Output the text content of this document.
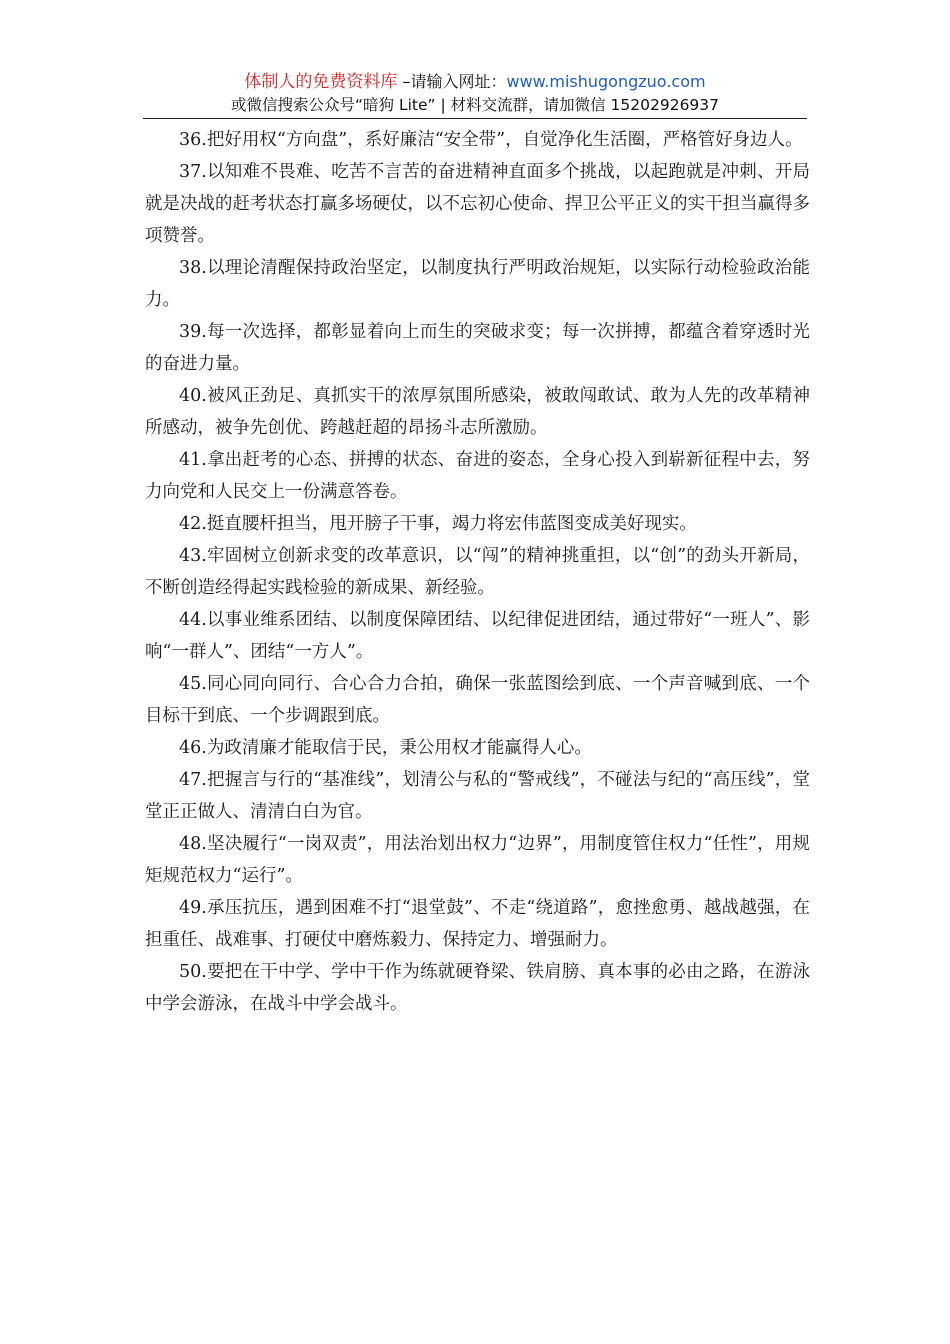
体制人的免费资料库 –请输入网址：www.mishugongzuo.com
或微信搜索公众号“暗狗 Lite” | 材料交流群，请加微信 15202926937

36.把好用权“方向盘”，系好廉洁“安全带”，自觉净化生活圈，严格管好身边人。

37.以知难不畏难、吃苦不言苦的奋进精神直面多个挑战，以起跑就是冲刺、开局就是决战的赶考状态打赢多场硬仗，以不忘初心使命、捍卫公平正义的实干担当赢得多项赞誉。

38.以理论清醒保持政治坚定，以制度执行严明政治规矩，以实际行动检验政治能力。

39.每一次选择，都彰显着向上而生的突破求变；每一次拼搏，都蕴含着穿透时光的奋进力量。

40.被风正劲足、真抓实干的浓厚氛围所感染，被敢闯敢试、敢为人先的改革精神所感动，被争先创优、跨越赶超的昂扬斗志所激励。

41.拿出赶考的心态、拼搏的状态、奋进的姿态，全身心投入到崭新征程中去，努力向党和人民交上一份满意答卷。

42.挺直腰杆担当，甩开膀子干事，竭力将宏伟蓝图变成美好现实。

43.牢固树立创新求变的改革意识，以“闯”的精神挑重担，以“创”的劲头开新局，不断创造经得起实践检验的新成果、新经验。

44.以事业维系团结、以制度保障团结、以纪律促进团结，通过带好“一班人”、影响“一群人”、团结“一方人”。

45.同心同向同行、合心合力合拍，确保一张蓝图绘到底、一个声音喊到底、一个目标干到底、一个步调跟到底。

46.为政清廉才能取信于民，秉公用权才能赢得人心。

47.把握言与行的“基准线”，划清公与私的“警戒线”，不碰法与纪的“高压线”，堂堂正正做人、清清白白为官。

48.坚决履行“一岗双责”，用法治划出权力“边界”，用制度管住权力“任性”，用规矩规范权力“运行”。

49.承压抗压，遇到困难不打“退堂鼓”、不走“绕道路”，愈挫愈勇、越战越强，在担重任、战难事、打硬仗中磨炼毅力、保持定力、增强耐力。

50.要把在干中学、学中干作为练就硬脊梁、铁肩膀、真本事的必由之路，在游泳中学会游泳，在战斗中学会战斗。
